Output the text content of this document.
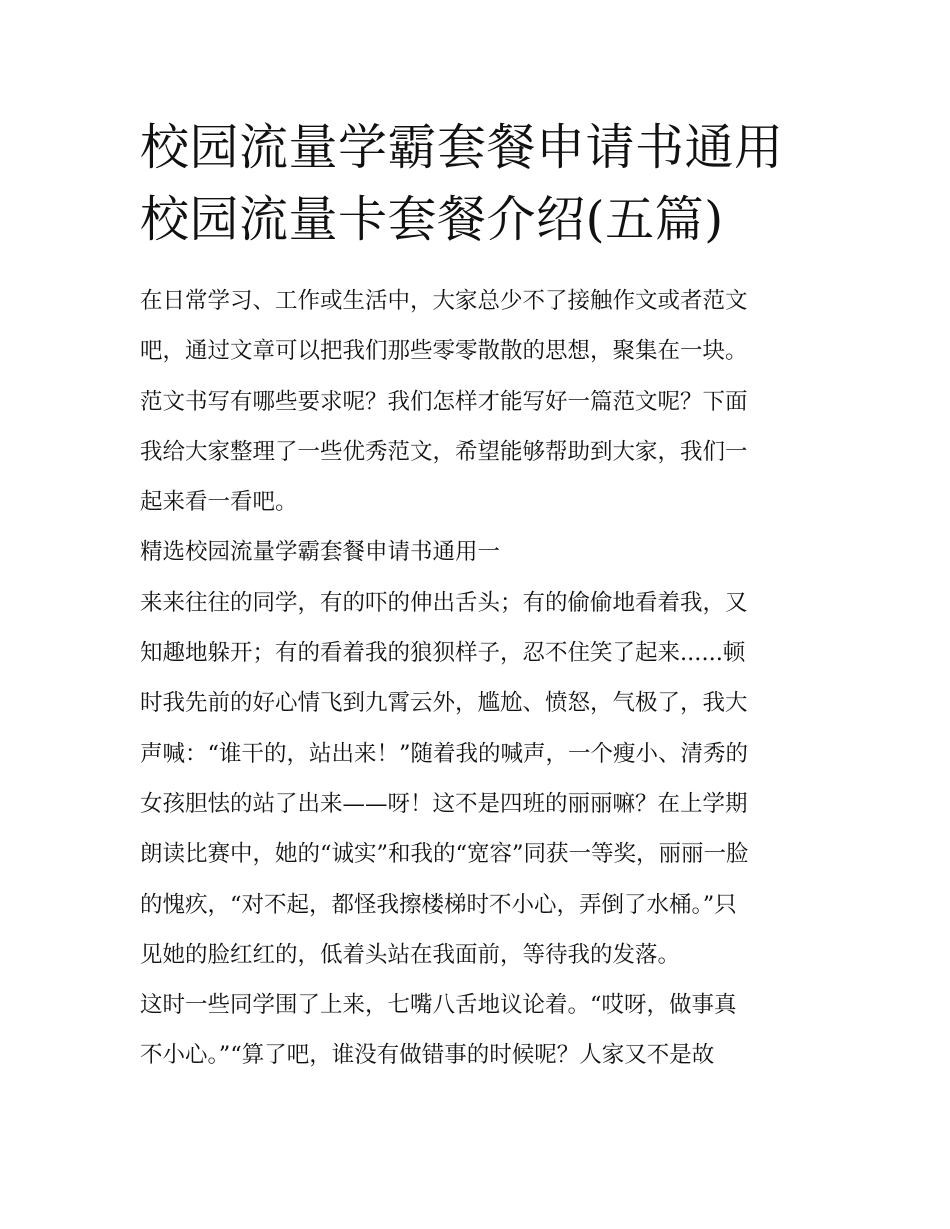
校园流量学霸套餐申请书通用
校园流量卡套餐介绍(五篇)
在日常学习、工作或生活中，大家总少不了接触作文或者范文
吧，通过文章可以把我们那些零零散散的思想，聚集在一块。
范文书写有哪些要求呢？我们怎样才能写好一篇范文呢？下面
我给大家整理了一些优秀范文，希望能够帮助到大家，我们一
起来看一看吧。
精选校园流量学霸套餐申请书通用一
来来往往的同学，有的吓的伸出舌头；有的偷偷地看着我，又
知趣地躲开；有的看着我的狼狈样子，忍不住笑了起来......顿
时我先前的好心情飞到九霄云外，尴尬、愤怒，气极了，我大
声喊：“谁干的，站出来！”随着我的喊声，一个瘦小、清秀的
女孩胆怯的站了出来——呀！这不是四班的丽丽嘛？在上学期
朗读比赛中，她的“诚实”和我的“宽容”同获一等奖，丽丽一脸
的愧疚，“对不起，都怪我擦楼梯时不小心，弄倒了水桶。”只
见她的脸红红的，低着头站在我面前，等待我的发落。
这时一些同学围了上来，七嘴八舌地议论着。“哎呀，做事真
不小心。”“算了吧，谁没有做错事的时候呢？人家又不是故
